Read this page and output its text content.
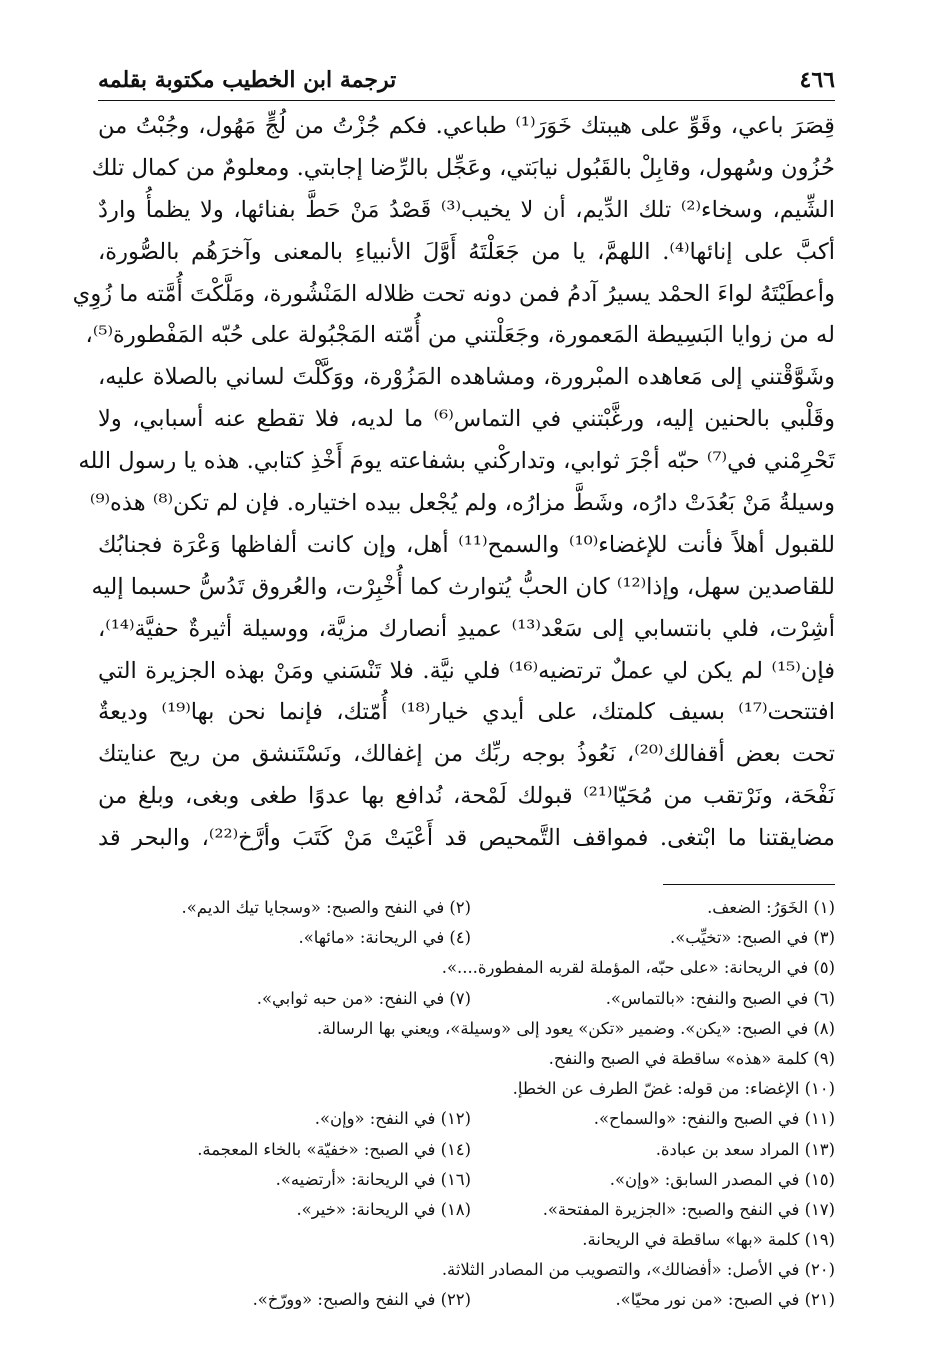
٤٦٦
ترجمة ابن الخطيب مكتوبة بقلمه
قِصَرَ باعي، وقَوِّ على هيبتك خَوَرَ⁽¹⁾ طباعي. فكم جُزْتُ من لُجٍّ مَهُول، وجُبْتُ من
حُزُون وسُهول، وقابِلْ بالقَبُول نيابَتي، وعَجِّل بالرِّضا إجابتي. ومعلومٌ من كمال تلك
الشِّيم، وسخاء⁽²⁾ تلك الدِّيم، أن لا يخيب⁽³⁾ قَصْدُ مَنْ حَطَّ بفنائها، ولا يظمأُ واردٌ
أكبَّ على إنائها⁽⁴⁾. اللهمَّ، يا من جَعَلْتَهُ أَوَّلَ الأنبياءِ بالمعنى وآخرَهُم بالصُّورة،
وأعطَيْتَهُ لواءَ الحمْد يسيرُ آدمُ فمن دونه تحت ظلاله المَنْشُورة، ومَلَّكْتَ أُمَّته ما زُوِي
له من زوايا البَسِيطة المَعمورة، وجَعَلْتني من أُمّته المَجْبُولة على حُبّه المَفْطورة⁽⁵⁾،
وشَوَّقْتني إلى مَعاهده المبْرورة، ومشاهده المَزُوْرة، ووَكَّلْتَ لساني بالصلاة عليه،
وقَلْبي بالحنين إليه، ورغَّبْتني في التماس⁽⁶⁾ ما لديه، فلا تقطع عنه أسبابي، ولا
تَحْرِمْني في⁽⁷⁾ حبّه أجْرَ ثوابي، وتداركْني بشفاعته يومَ أَخْذِ كتابي. هذه يا رسول الله
وسيلةُ مَنْ بَعُدَتْ دارُه، وشَطَّ مزارُه، ولم يُجْعل بيده اختياره. فإن لم تكن⁽⁸⁾ هذه⁽⁹⁾
للقبول أهلاً فأنت للإغضاء⁽¹⁰⁾ والسمح⁽¹¹⁾ أهل، وإن كانت ألفاظها وَعْرَة فجنابُك
للقاصدين سهل، وإذا⁽¹²⁾ كان الحبُّ يُتوارث كما أُخْبِرْت، والعُروق تَدُسُّ حسبما إليه
أشِرْت، فلي بانتسابي إلى سَعْد⁽¹³⁾ عميدِ أنصارك مزيَّة، ووسيلة أثيرةٌ حفيَّة⁽¹⁴⁾،
فإن⁽¹⁵⁾ لم يكن لي عملٌ ترتضيه⁽¹⁶⁾ فلي نيَّة. فلا تَنْسَني ومَنْ بهذه الجزيرة التي
افتتحت⁽¹⁷⁾ بسيف كلمتك، على أيدي خيار⁽¹⁸⁾ أُمّتك، فإنما نحن بها⁽¹⁹⁾ وديعةٌ
تحت بعض أقفالك⁽²⁰⁾، نَعُوذُ بوجه ربِّك من إغفالك، ونَسْتَنشق من ريح عنايتك
نَفْحَة، ونَرْتقب من مُحَيّا⁽²¹⁾ قبولك لَمْحة، نُدافع بها عدوًا طغى وبغى، وبلغ من
مضايقتنا ما ابْتغى. فمواقف التَّمحيص قد أَعْيَتْ مَنْ كَتَبَ وأرَّخ⁽²²⁾، والبحر قد
(١) الخَوَرُ: الضعف.
(٢) في النفح والصبح: «وسجايا تيك الديم».
(٣) في الصبح: «تخيِّب».
(٤) في الريحانة: «مائها».
(٥) في الريحانة: «على حبّه، المؤملة لقربه المفطورة....».
(٦) في الصبح والنفح: «بالتماس».
(٧) في النفح: «من حبه ثوابي».
(٨) في الصبح: «يكن». وضمير «تكن» يعود إلى «وسيلة»، ويعني بها الرسالة.
(٩) كلمة «هذه» ساقطة في الصبح والنفح.
(١٠) الإغضاء: من قوله: غضّ الطرف عن الخطإ.
(١١) في الصبح والنفح: «والسماح».
(١٢) في النفح: «وإن».
(١٣) المراد سعد بن عبادة.
(١٤) في الصبح: «خفيّة» بالخاء المعجمة.
(١٥) في المصدر السابق: «وإن».
(١٦) في الريحانة: «أرتضيه».
(١٧) في النفح والصبح: «الجزيرة المفتحة».
(١٨) في الريحانة: «خير».
(١٩) كلمة «بها» ساقطة في الريحانة.
(٢٠) في الأصل: «أفضالك»، والتصويب من المصادر الثلاثة.
(٢١) في الصبح: «من نور محيّا».
(٢٢) في النفح والصبح: «وورّخ».
